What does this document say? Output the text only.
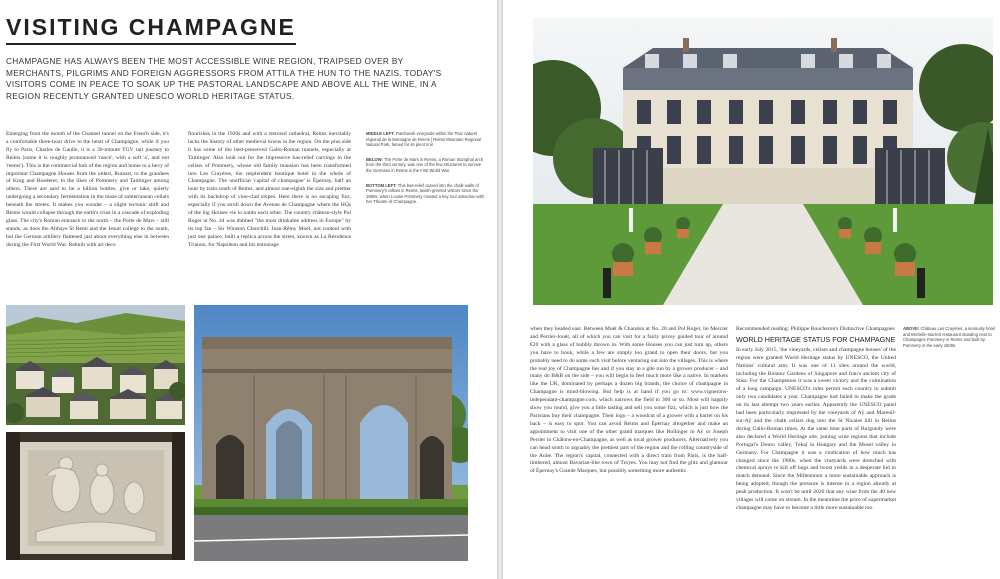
VISITING CHAMPAGNE
CHAMPAGNE HAS ALWAYS BEEN THE MOST ACCESSIBLE WINE REGION, TRAIPSED OVER BY MERCHANTS, PILGRIMS AND FOREIGN AGGRESSORS FROM ATTILA THE HUN TO THE NAZIS. TODAY'S VISITORS COME IN PEACE TO SOAK UP THE PASTORAL LANDSCAPE AND ABOVE ALL THE WINE, IN A REGION RECENTLY GRANTED UNESCO WORLD HERITAGE STATUS.

Emerging from the mouth of the Channel tunnel on the French side, it's a comfortable three-hour drive to the heart of Champagne, while if you fly to Paris, Charles de Gaulle, it is a 30-minute TGV rail journey to Reims (some it is roughly pronounced 'rance', with a soft 'a', and not 'reems'). This is the commercial hub of the region and home to a bevy of important Champagne Houses from the oldest, Ruinart, to the grandees of Krug and Roederer, to the likes of Pommery and Taittinger among others. There are said to be a billion bottles, give or take, quietly undergoing a secondary fermentation in the maze of subterranean cellars beneath the streets. It makes you wonder – a slight tectonic shift and Reims would collapse through the earth's crust in a cascade of exploding glass. The city's Roman entrance to the north – the Porte de Mars – still stands, as does the Abbaye St Remi and the Jesuit college to the south, but the German artillery flattened just about everything else in between during the First World War. Rebuilt with art deco

flourishes in the 1920s and with a restored cathedral, Reims inevitably lacks the history of other medieval towns in the region. On the plus side it has some of the best-preserved Gallo-Roman tunnels, especially at Taittinger. Also look out for the impressive bas-relief carvings in the cellars of Pommery, whose old family mansion has been transformed into Les Crayères, the resplendent boutique hotel in the whole of Champagne. The unofficial 'capital of champagne' is Épernay, half an hour by train south of Reims, and almost one-eighth the size and prettier with its backdrop of vine-clad slopes. Here there is no escaping fizz, especially if you stroll down the Avenue de Champagne where the HQs of the big Houses vie to outdo each other. The country château-style Pol Roger at No. 44 was dubbed "the most drinkable address in Europe" by its top fan – Sir Winston Churchill. Jean-Rémy Moët, not content with just one palace, built a replica across the street, known as La Résidence Trianon, for Napoleon and his entourage

MIDDLE LEFT: Patchwork vineyards within the Parc naturel régional de la Montagne de Reims | Reims Mountain Regional Natural Park, famed for its pinot noir.

BELOW: The Porte de Mars in Reims, a Roman triumphal arch from the third century, was one of the few structures to survive the Germans in Reims in the First World War.

BOTTOM LEFT: This bas-relief carved into the chalk walls of Pommery's cellars in Reims, lavish-greeted visitors since the 1880s, when Louise Pommery created a key tour attraction with her Theatre of Champagne.

when they headed east. Between Moët & Chandon at No. 20 and Pol Roger, lie Mercier and Perrier-Jouët, all of which you can visit for a fairly pricey guided tour of around €20 with a glass of bubbly thrown in. With some Houses you can just turn up, others you have to book, while a few are simply too grand to open their doors, but you probably need to do some such visit before venturing out into the villages. This is where the real joy of Champagne lies and if you stay in a gîte run by a grower producer – and many do B&B on the side – you will begin to feel much more like a native. In markets like the UK, dominated by perhaps a dozen big brands, the choice of champagne in Champagne is mind-blowing. But help is at hand if you go to: www.vignerons-independant-champagne.com, which narrows the field to 300 or so. Most will happily show you round, give you a little tasting and sell you some fizz, which is just how the Parisians buy their champagne. Their logo – a woodcut of a grower with a barrel on his back – is easy to spot. You can avoid Reims and Épernay altogether and make an appointment to visit one of the other grand marques like Bollinger in Aÿ or Joseph Perrier in Châlons-en-Champagne, as well as local grower producers. Alternatively you can head south to arguably the prettiest part of the region and the rolling countryside of the Aube. The region's capital, connected with a direct train from Paris, is the half-timbered, almost Bavarian-like town of Troyes. You may not find the glitz and glamour of Épernay's Grande Marques, but possibly something more authentic.

Recommended reading: Philippe Boucheron's Distinctive Champagnes

WORLD HERITAGE STATUS FOR CHAMPAGNE

In early July 2015, 'the vineyards, cellars and champagne houses' of the region were granted World Heritage status by UNESCO, the United Nations' cultural arm. It was one of 11 sites around the world, including the Botanic Gardens of Singapore and Iran's ancient city of Susa. For the Champenois it was a sweet victory and the culmination of a long campaign. UNESCO's rules permit each country to submit only two candidates a year. Champagne had failed to make the grade on its last attempt two years earlier. Apparently the UNESCO panel had been particularly impressed by the vineyards of Aÿ and Mareuil-sur-Aÿ and the chalk cellars dug into the St Nicaise hill in Reims during Gallo-Roman times. At the same time parts of Burgundy were also declared a World Heritage site, joining wine regions that include Portugal's Douro valley, Tokaj in Hungary and the Mosel valley in Germany. For Champagne it was a vindication of how much has changed since the 1980s, when the vineyards were drenched with chemical sprays to kill off bugs and boost yields in a desperate bid to match demand. Since the Millennium a more sustainable approach is being adopted, though the pressure is intense in a region already at peak production. It won't be until 2020 that any wine from the 40 new villages will come on stream. In the meantime the price of supermarket champagne may have to become a little more sustainable too.

ABOVE: Château Les Crayères, a seriously hotel and Michelin-starred restaurant standing next to Champagne Pommery in Reims and built by Pommery in the early 1900s.
